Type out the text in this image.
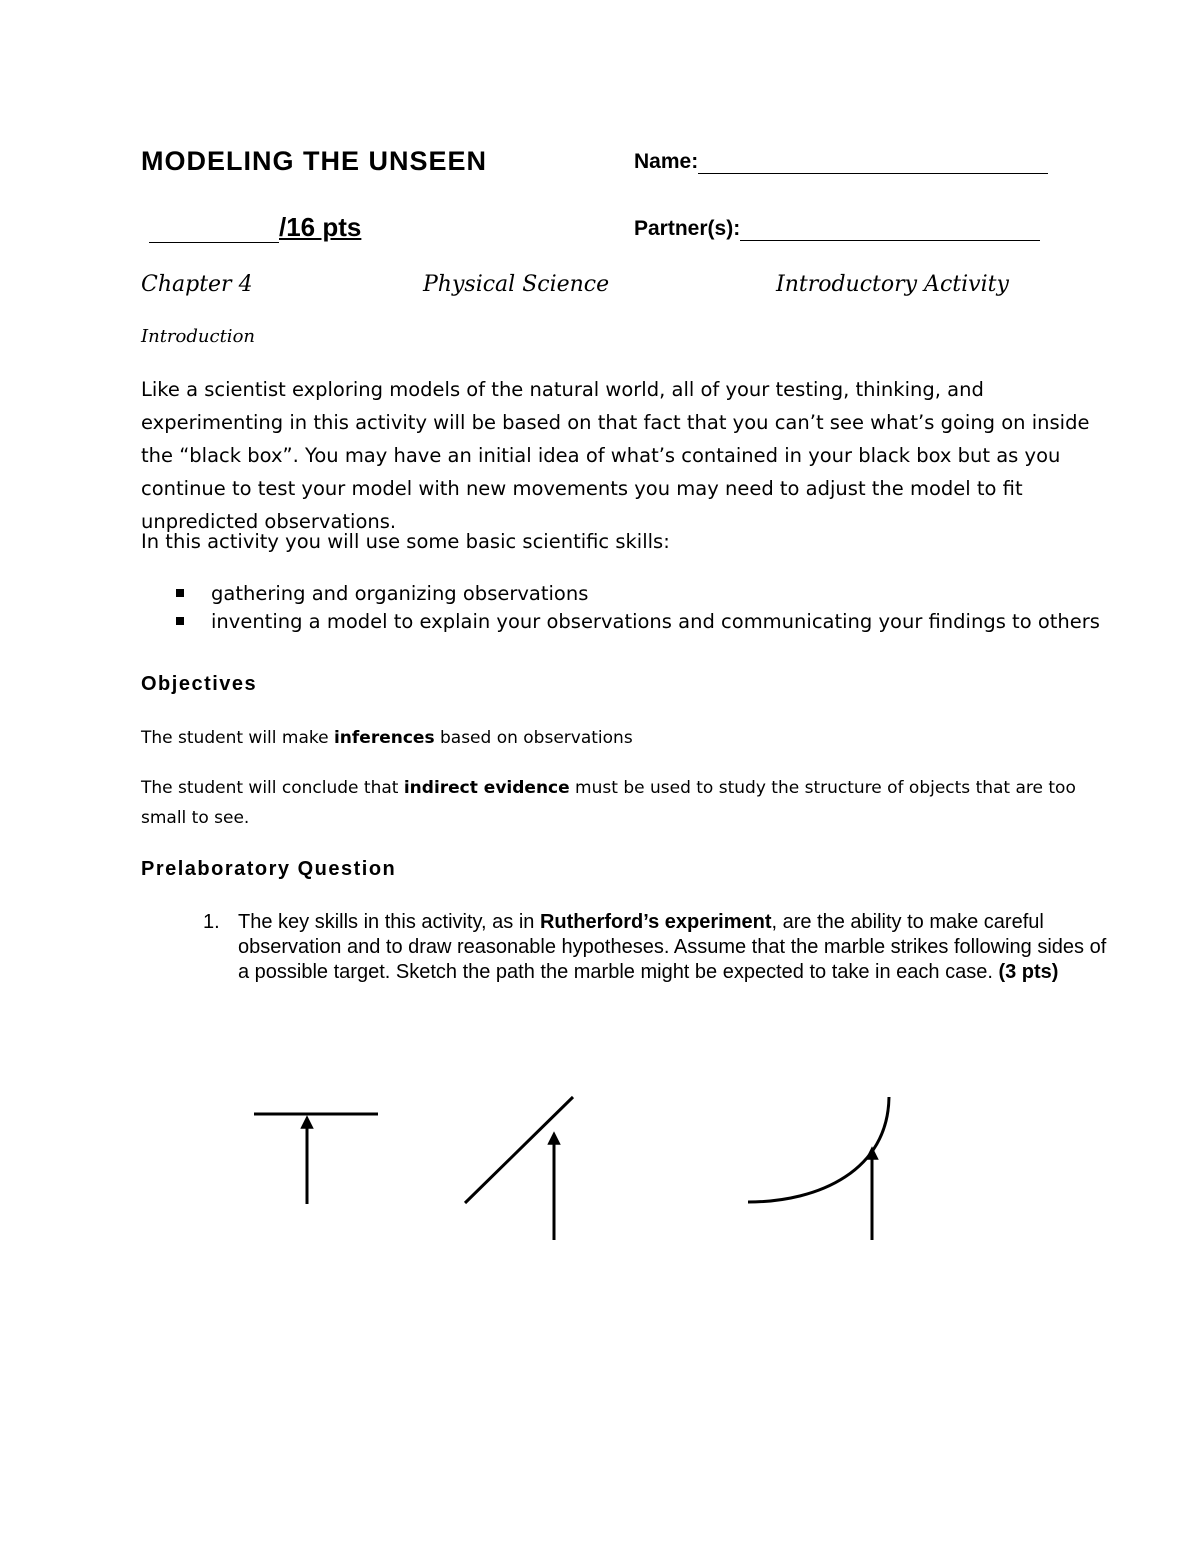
MODELING THE UNSEEN	Name:
/16 pts	Partner(s):
Chapter 4	Physical Science	Introductory Activity
Introduction
Like a scientist exploring models of the natural world, all of your testing, thinking, and experimenting in this activity will be based on that fact that you can’t see what’s going on inside the “black box”. You may have an initial idea of what’s contained in your black box but as you continue to test your model with new movements you may need to adjust the model to fit unpredicted observations.
In this activity you will use some basic scientific skills:
gathering and organizing observations
inventing a model to explain your observations and communicating your findings to others
Objectives
The student will make inferences based on observations
The student will conclude that indirect evidence must be used to study the structure of objects that are too small to see.
Prelaboratory Question
1. The key skills in this activity, as in Rutherford’s experiment, are the ability to make careful observation and to draw reasonable hypotheses. Assume that the marble strikes following sides of a possible target. Sketch the path the marble might be expected to take in each case. (3 pts)
